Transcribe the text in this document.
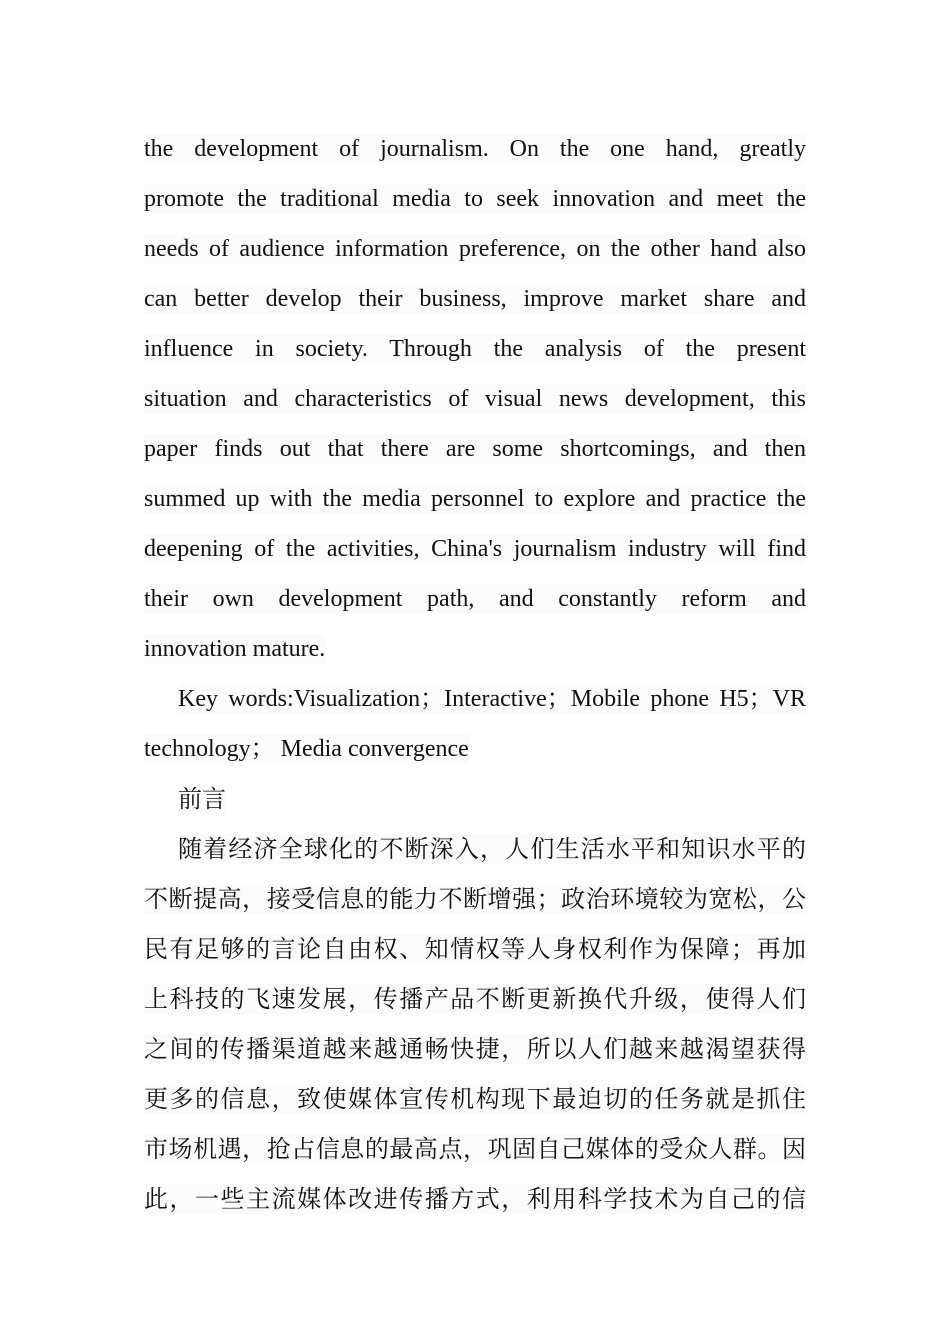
the development of journalism. On the one hand, greatly
promote the traditional media to seek innovation and meet the
needs of audience information preference, on the other hand also
can better develop their business, improve market share and
influence in society. Through the analysis of the present
situation and characteristics of visual news development, this
paper finds out that there are some shortcomings, and then
summed up with the media personnel to explore and practice the
deepening of the activities, China's journalism industry will find
their own development path, and constantly reform and
innovation mature.
Key words:Visualization；Interactive；Mobile phone H5；VR
technology； Media convergence
前言
随着经济全球化的不断深入，人们生活水平和知识水平的
不断提高，接受信息的能力不断增强；政治环境较为宽松，公
民有足够的言论自由权、知情权等人身权利作为保障；再加
上科技的飞速发展，传播产品不断更新换代升级，使得人们
之间的传播渠道越来越通畅快捷，所以人们越来越渴望获得
更多的信息，致使媒体宣传机构现下最迫切的任务就是抓住
市场机遇，抢占信息的最高点，巩固自己媒体的受众人群。因
此，一些主流媒体改进传播方式，利用科学技术为自己的信
